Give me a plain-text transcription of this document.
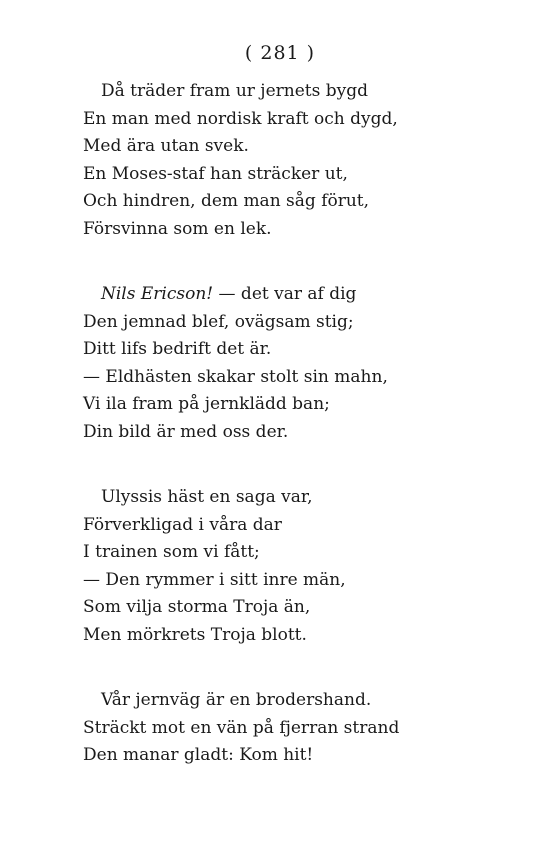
( 281 )
Då träder fram ur jernets bygd
En man med nordisk kraft och dygd,
Med ära utan svek.
En Moses-staf han sträcker ut,
Och hindren, dem man såg förut,
Försvinna som en lek.
Nils Ericson! — det var af dig
Den jemnad blef, ovägsam stig;
Ditt lifs bedrift det är.
— Eldhästen skakar stolt sin mahn,
Vi ila fram på jernklädd ban;
Din bild är med oss der.
Ulyssis häst en saga var,
Förverkligad i våra dar
I trainen som vi fått;
— Den rymmer i sitt inre män,
Som vilja storma Troja än,
Men mörkrets Troja blott.
Vår jernväg är en brodershand.
Sträckt mot en vän på fjerran strand
Den manar gladt: Kom hit!
